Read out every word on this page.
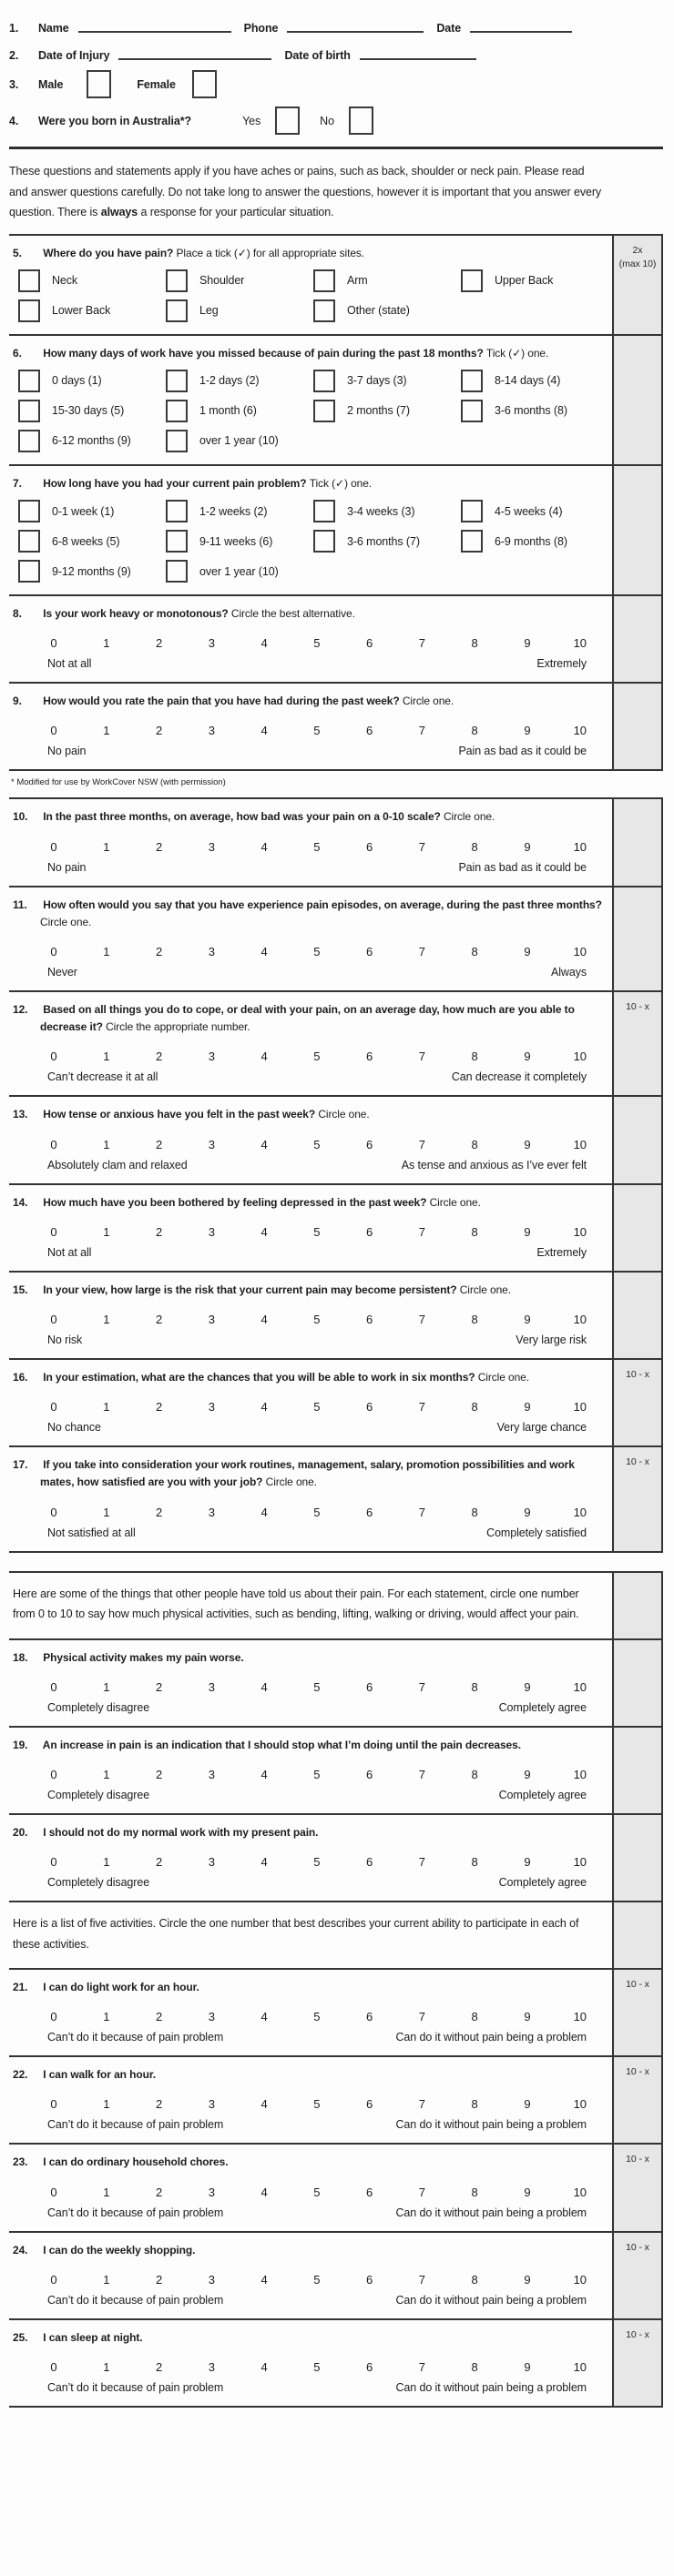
1.	Name	Phone	Date
2.	Date of Injury	Date of birth
3.	Male	Female
4.	Were you born in Australia*?	Yes	No
These questions and statements apply if you have aches or pains, such as back, shoulder or neck pain. Please read and answer questions carefully. Do not take long to answer the questions, however it is important that you answer every question. There is always a response for your particular situation.
5. Where do you have pain? Place a tick (✓) for all appropriate sites.
Neck	Shoulder	Arm	Upper Back
Lower Back	Leg	Other (state)
2x
(max 10)
6. How many days of work have you missed because of pain during the past 18 months? Tick (✓) one.
0 days (1)	1-2 days (2)	3-7 days (3)	8-14 days (4)
15-30 days (5)	1 month (6)	2 months (7)	3-6 months (8)
6-12 months (9)	over 1 year (10)
7. How long have you had your current pain problem? Tick (✓) one.
0-1 week (1)	1-2 weeks (2)	3-4 weeks (3)	4-5 weeks (4)
6-8 weeks (5)	9-11 weeks (6)	3-6 months (7)	6-9 months (8)
9-12 months (9)	over 1 year (10)
8. Is your work heavy or monotonous? Circle the best alternative.
0	1	2	3	4	5	6	7	8	9	10
Not at all	Extremely
9. How would you rate the pain that you have had during the past week? Circle one.
0	1	2	3	4	5	6	7	8	9	10
No pain	Pain as bad as it could be
* Modified for use by WorkCover NSW (with permission)
10. In the past three months, on average, how bad was your pain on a 0-10 scale? Circle one.
0	1	2	3	4	5	6	7	8	9	10
No pain	Pain as bad as it could be
11. How often would you say that you have experience pain episodes, on average, during the past three months? Circle one.
0	1	2	3	4	5	6	7	8	9	10
Never	Always
12. Based on all things you do to cope, or deal with your pain, on an average day, how much are you able to decrease it? Circle the appropriate number.
0	1	2	3	4	5	6	7	8	9	10
Can’t decrease it at all	Can decrease it completely
10 - x
13. How tense or anxious have you felt in the past week? Circle one.
0	1	2	3	4	5	6	7	8	9	10
Absolutely clam and relaxed	As tense and anxious as I’ve ever felt
14. How much have you been bothered by feeling depressed in the past week? Circle one.
0	1	2	3	4	5	6	7	8	9	10
Not at all	Extremely
15. In your view, how large is the risk that your current pain may become persistent? Circle one.
0	1	2	3	4	5	6	7	8	9	10
No risk	Very large risk
16. In your estimation, what are the chances that you will be able to work in six months? Circle one.
0	1	2	3	4	5	6	7	8	9	10
No chance	Very large chance
10 - x
17. If you take into consideration your work routines, management, salary, promotion possibilities and work mates, how satisfied are you with your job? Circle one.
0	1	2	3	4	5	6	7	8	9	10
Not satisfied at all	Completely satisfied
10 - x
Here are some of the things that other people have told us about their pain. For each statement, circle one number from 0 to 10 to say how much physical activities, such as bending, lifting, walking or driving, would affect your pain.
18. Physical activity makes my pain worse.
0	1	2	3	4	5	6	7	8	9	10
Completely disagree	Completely agree
19. An increase in pain is an indication that I should stop what I’m doing until the pain decreases.
0	1	2	3	4	5	6	7	8	9	10
Completely disagree	Completely agree
20. I should not do my normal work with my present pain.
0	1	2	3	4	5	6	7	8	9	10
Completely disagree	Completely agree
Here is a list of five activities. Circle the one number that best describes your current ability to participate in each of these activities.
21. I can do light work for an hour.
0	1	2	3	4	5	6	7	8	9	10
Can’t do it because of pain problem	Can do it without pain being a problem
10 - x
22. I can walk for an hour.
0	1	2	3	4	5	6	7	8	9	10
Can’t do it because of pain problem	Can do it without pain being a problem
10 - x
23. I can do ordinary household chores.
0	1	2	3	4	5	6	7	8	9	10
Can’t do it because of pain problem	Can do it without pain being a problem
10 - x
24. I can do the weekly shopping.
0	1	2	3	4	5	6	7	8	9	10
Can’t do it because of pain problem	Can do it without pain being a problem
10 - x
25. I can sleep at night.
0	1	2	3	4	5	6	7	8	9	10
Can’t do it because of pain problem	Can do it without pain being a problem
10 - x
